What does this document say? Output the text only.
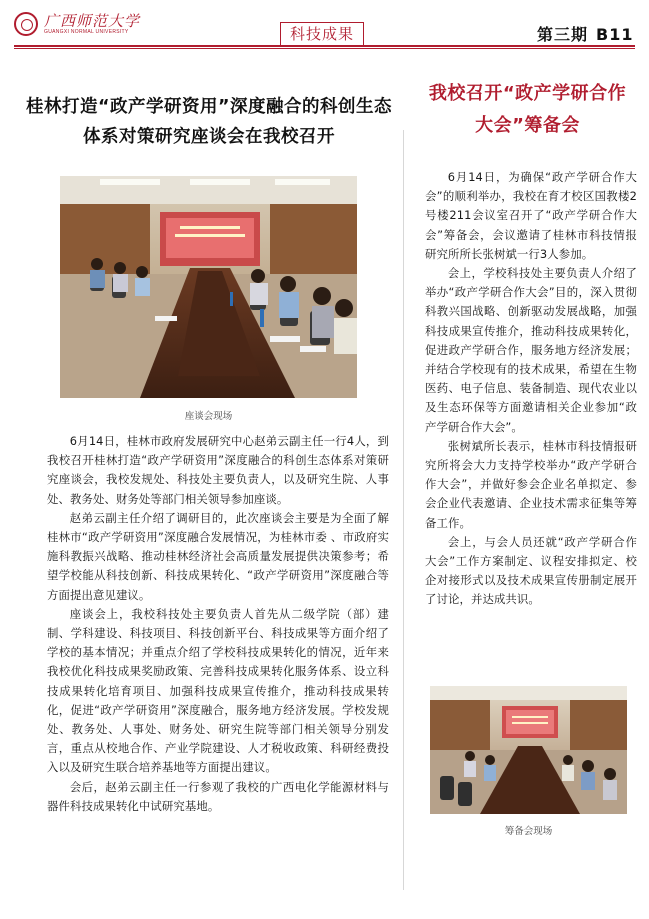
广西师范大学
GUANGXI NORMAL UNIVERSITY	科技成果	第三期 B11
桂林打造“政产学研资用”深度融合的科创生态
体系对策研究座谈会在我校召开
座谈会现场

6月14日，桂林市政府发展研究中心赵弟云副主任一行4人，到我校召开桂林打造“政产学研资用”深度融合的科创生态体系对策研究座谈会，我校发规处、科技处主要负责人，以及研究生院、人事处、教务处、财务处等部门相关领导参加座谈。

赵弟云副主任介绍了调研目的，此次座谈会主要是为全面了解桂林市“政产学研资用”深度融合发展情况，为桂林市委 、市政府实施科教振兴战略、推动桂林经济社会高质量发展提供决策参考；希望学校能从科技创新、科技成果转化、“政产学研资用”深度融合等方面提出意见建议。

座谈会上，我校科技处主要负责人首先从二级学院（部）建制、学科建设、科技项目、科技创新平台、科技成果等方面介绍了学校的基本情况；并重点介绍了学校科技成果转化的情况，近年来我校优化科技成果奖励政策、完善科技成果转化服务体系、设立科技成果转化培育项目、加强科技成果宣传推介，推动科技成果转化，促进“政产学研资用”深度融合，服务地方经济发展。学校发规处、教务处、人事处、财务处、研究生院等部门相关领导分别发言，重点从校地合作、产业学院建设、人才税收政策、科研经费投入以及研究生联合培养基地等方面提出建议。

会后，赵弟云副主任一行参观了我校的广西电化学能源材料与器件科技成果转化中试研究基地。

我校召开“政产学研合作
大会”筹备会

6月14日，为确保“政产学研合作大会”的顺利举办，我校在育才校区国教楼2号楼211会议室召开了“政产学研合作大会”筹备会，会议邀请了桂林市科技情报研究所所长张树斌一行3人参加。

会上，学校科技处主要负责人介绍了举办“政产学研合作大会”目的，深入贯彻科教兴国战略、创新驱动发展战略，加强科技成果宣传推介，推动科技成果转化，促进政产学研合作，服务地方经济发展；并结合学校现有的技术成果，希望在生物医药、电子信息、装备制造、现代农业以及生态环保等方面邀请相关企业参加“政产学研合作大会”。

张树斌所长表示，桂林市科技情报研究所将会大力支持学校举办“政产学研合作大会”，并做好参会企业名单拟定、参会企业代表邀请、企业技术需求征集等筹备工作。

会上，与会人员还就“政产学研合作大会”工作方案制定、议程安排拟定、校企对接形式以及技术成果宣传册制定展开了讨论，并达成共识。

筹备会现场
